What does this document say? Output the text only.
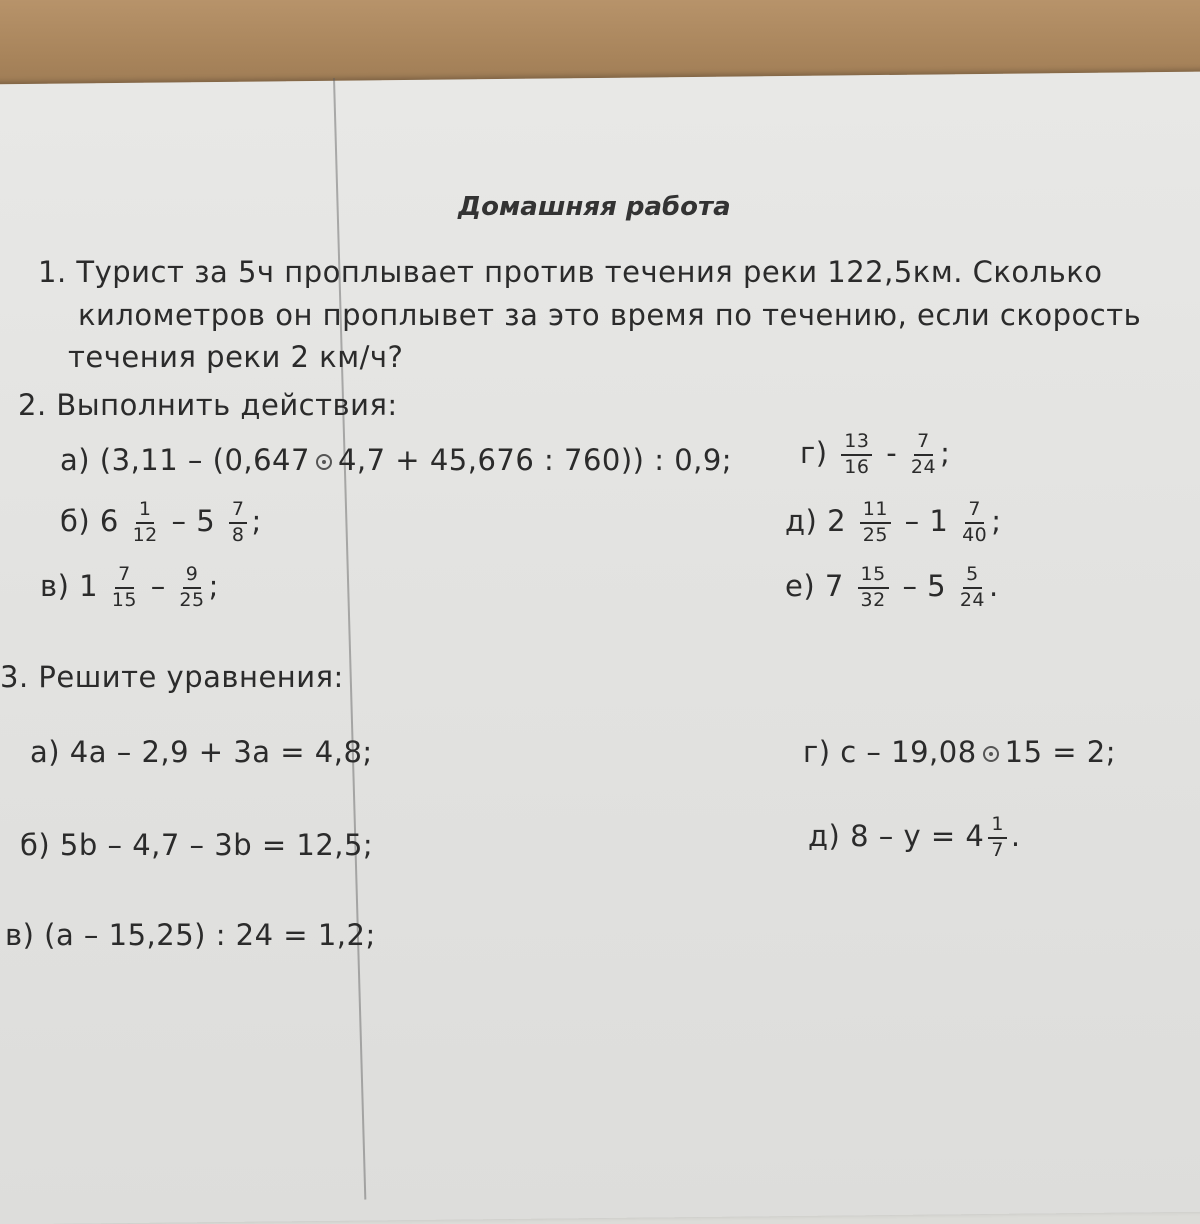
Домашняя работа
1. Турист за 5ч проплывает против течения реки 122,5км. Сколько
километров он проплывет за это время по течению, если скорость
течения реки 2 км/ч?
2. Выполнить действия:
а) (3,11 – (0,647 4,7 + 45,676 : 760)) : 0,9; $г) \frac{13}{16} - \frac{7}{24}$ ;
б) $6 \frac{1}{12} - 5 \frac{7}{8}$ ;	д) $2 \frac{11}{25} - 1 \frac{7}{40}$ ;
в) $1 \frac{7}{15} - \frac{9}{25}$ ;	е) $7 \frac{15}{32} - 5 \frac{5}{24}$ .
3. Решите уравнения:
а) 4а – 2,9 + 3а = 4,8;	г) с – 19,08 15 = 2;
б) 5b – 4,7 – 3b = 12,5;	д) $8 - у = 4 \frac{1}{7}$ .
в) (а – 15,25) : 24 = 1,2;
